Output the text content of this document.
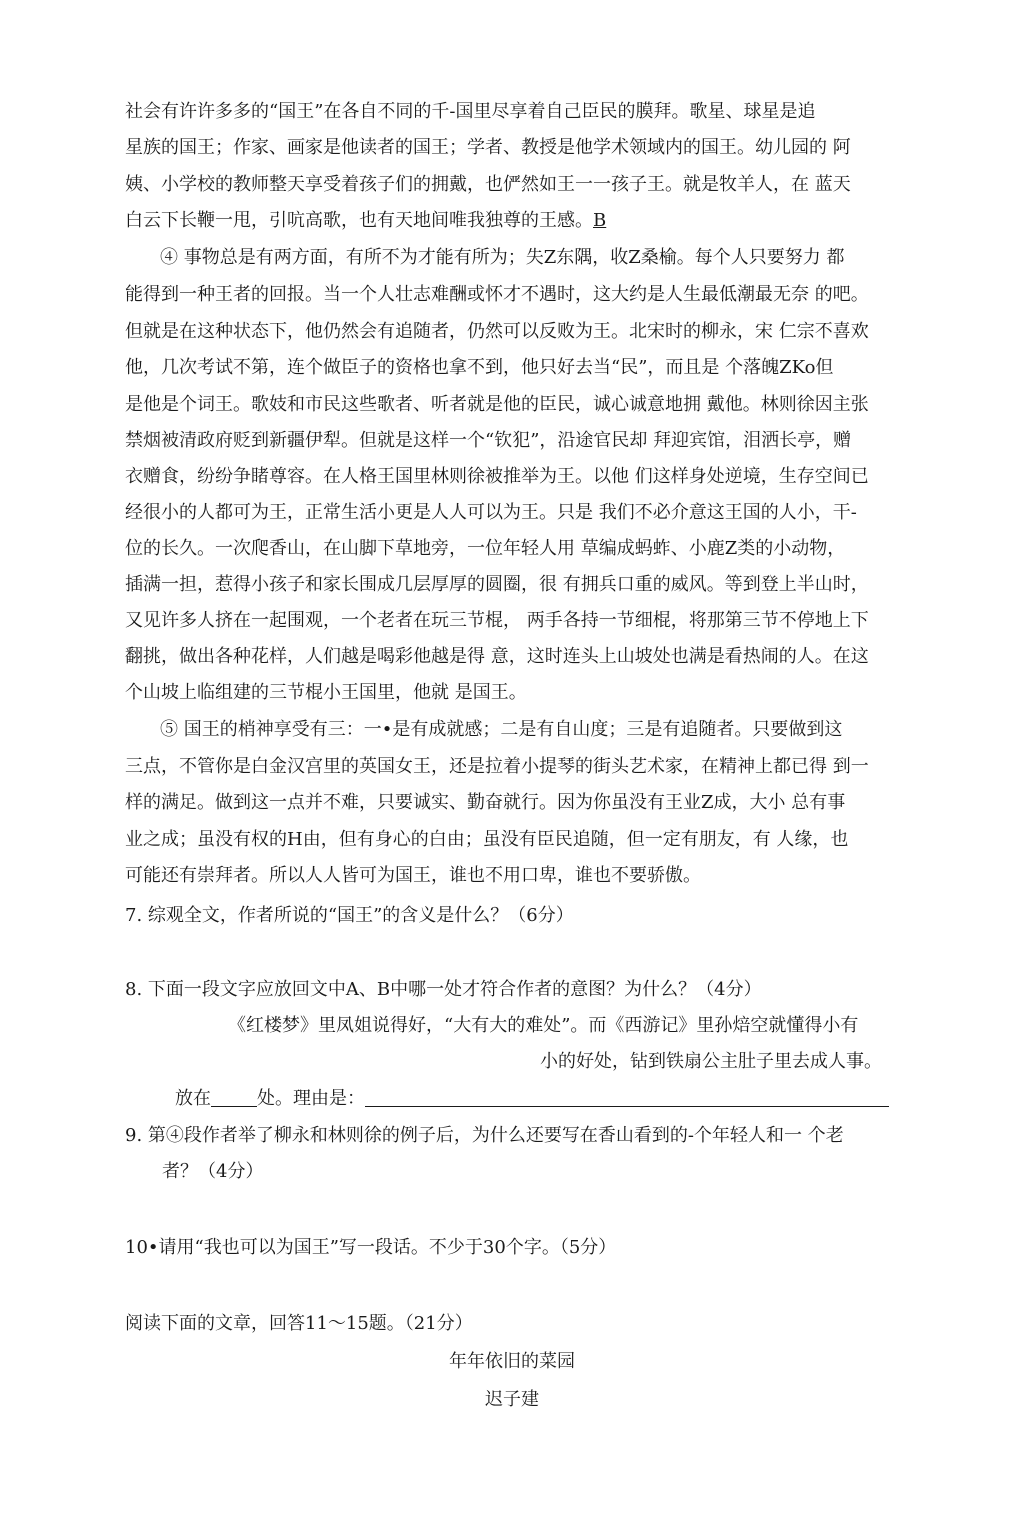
社会有许许多多的“国王”在各自不同的千-国里尽享着自己臣民的膜拜。歌星、球星是追
星族的国王；作家、画家是他读者的国王；学者、教授是他学术领域内的国王。幼儿园的 阿
姨、小学校的教师整天享受着孩子们的拥戴，也俨然如王一一孩子王。就是牧羊人，在 蓝天
白云下长鞭一甩，引吭高歌，也有天地间唯我独尊的王感。B
④ 事物总是有两方面，有所不为才能有所为；失Z东隅，收Z桑榆。每个人只要努力 都
能得到一种王者的回报。当一个人壮志难酬或怀才不遇时，这大约是人生最低潮最无奈 的吧。
但就是在这种状态下，他仍然会有追随者，仍然可以反败为王。北宋时的柳永，宋 仁宗不喜欢
他，几次考试不第，连个做臣子的资格也拿不到，他只好去当“民”，而且是 个落魄ZKo但
是他是个词王。歌妓和市民这些歌者、听者就是他的臣民，诚心诚意地拥 戴他。林则徐因主张
禁烟被清政府贬到新疆伊犁。但就是这样一个“钦犯”，沿途官民却 拜迎宾馆，泪洒长亭，赠
衣赠食，纷纷争睹尊容。在人格王国里林则徐被推举为王。以他 们这样身处逆境，生存空间已
经很小的人都可为王，正常生活小更是人人可以为王。只是 我们不必介意这王国的人小，干-
位的长久。一次爬香山，在山脚下草地旁，一位年轻人用 草编成蚂蚱、小鹿Z类的小动物，
插满一担，惹得小孩子和家长围成几层厚厚的圆圈，很 有拥兵口重的威风。等到登上半山时，
又见许多人挤在一起围观，一个老者在玩三节棍， 两手各持一节细棍，将那第三节不停地上下
翻挑，做出各种花样，人们越是喝彩他越是得 意，这时连头上山坡处也满是看热闹的人。在这
个山坡上临组建的三节棍小王国里，他就 是国王。
⑤ 国王的梢神享受有三：一•是有成就感；二是有自山度；三是有追随者。只要做到这
三点，不管你是白金汉宫里的英国女王，还是拉着小提琴的街头艺术家，在精神上都已得 到一
样的满足。做到这一点并不难，只要诚实、勤奋就行。因为你虽没有王业Z成，大小 总有事
业之成；虽没有权的H由，但有身心的白由；虽没有臣民追随，但一定有朋友，有 人缘，也
可能还有崇拜者。所以人人皆可为国王，谁也不用口卑，谁也不要骄傲。
7. 综观全文，作者所说的“国王”的含义是什么？（6分）
8. 下面一段文字应放回文中A、B中哪一处才符合作者的意图？为什么？（4分）
《红楼梦》里凤姐说得好，“大有大的难处”。而《西游记》里孙焙空就懂得小有
小的好处，钻到铁扇公主肚子里去成人事。
放在	处。理由是：
9. 第④段作者举了柳永和林则徐的例子后，为什么还要写在香山看到的-个年轻人和一 个老
者？（4分）
10•请用“我也可以为国王”写一段话。不少于30个字。（5分）
阅读下面的文章，回答11～15题。（21分）
年年依旧的菜园
迟子建
